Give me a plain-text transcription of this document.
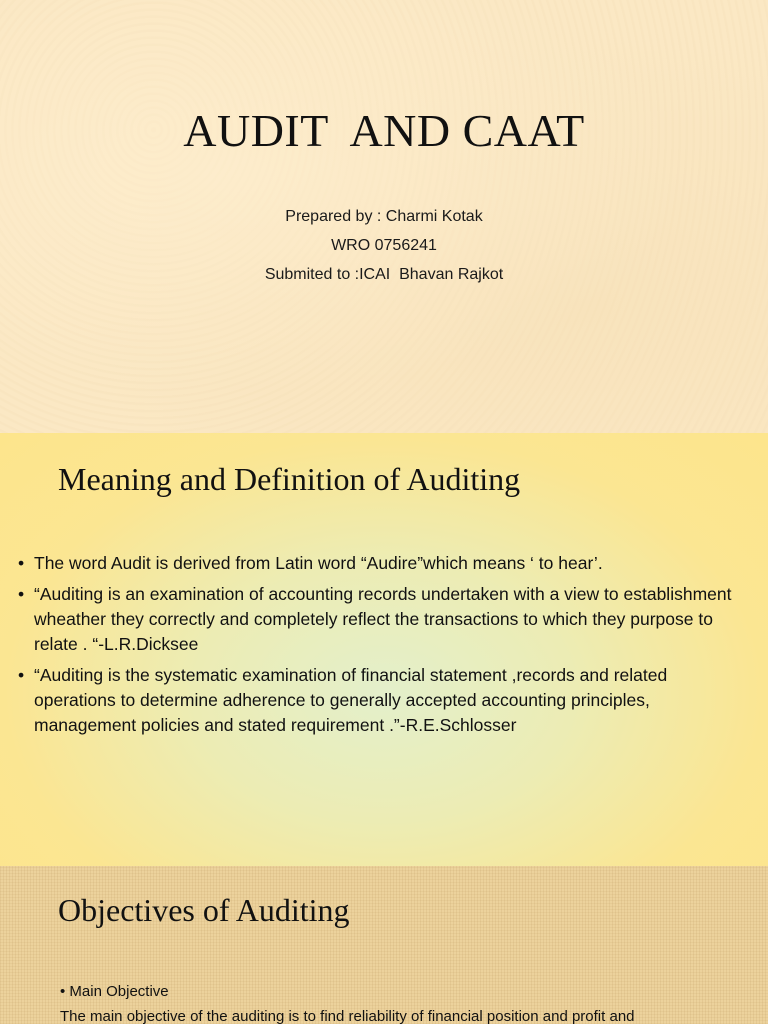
AUDIT  AND CAAT
Prepared by : Charmi Kotak
WRO 0756241
Submited to :ICAI  Bhavan Rajkot
Meaning and Definition of Auditing
• The word Audit is derived from Latin word “Audire”which means ‘ to hear’.
• “Auditing is an examination of accounting records undertaken with a view to establishment wheather they correctly and completely reflect the transactions to which they purpose to relate . “-L.R.Dicksee
• “Auditing is the systematic examination of financial statement ,records and related operations to determine adherence to generally accepted accounting principles, management policies and stated requirement .”-R.E.Schlosser
Objectives of Auditing
• Main Objective
The main objective of the auditing is to find reliability of financial position and profit and
